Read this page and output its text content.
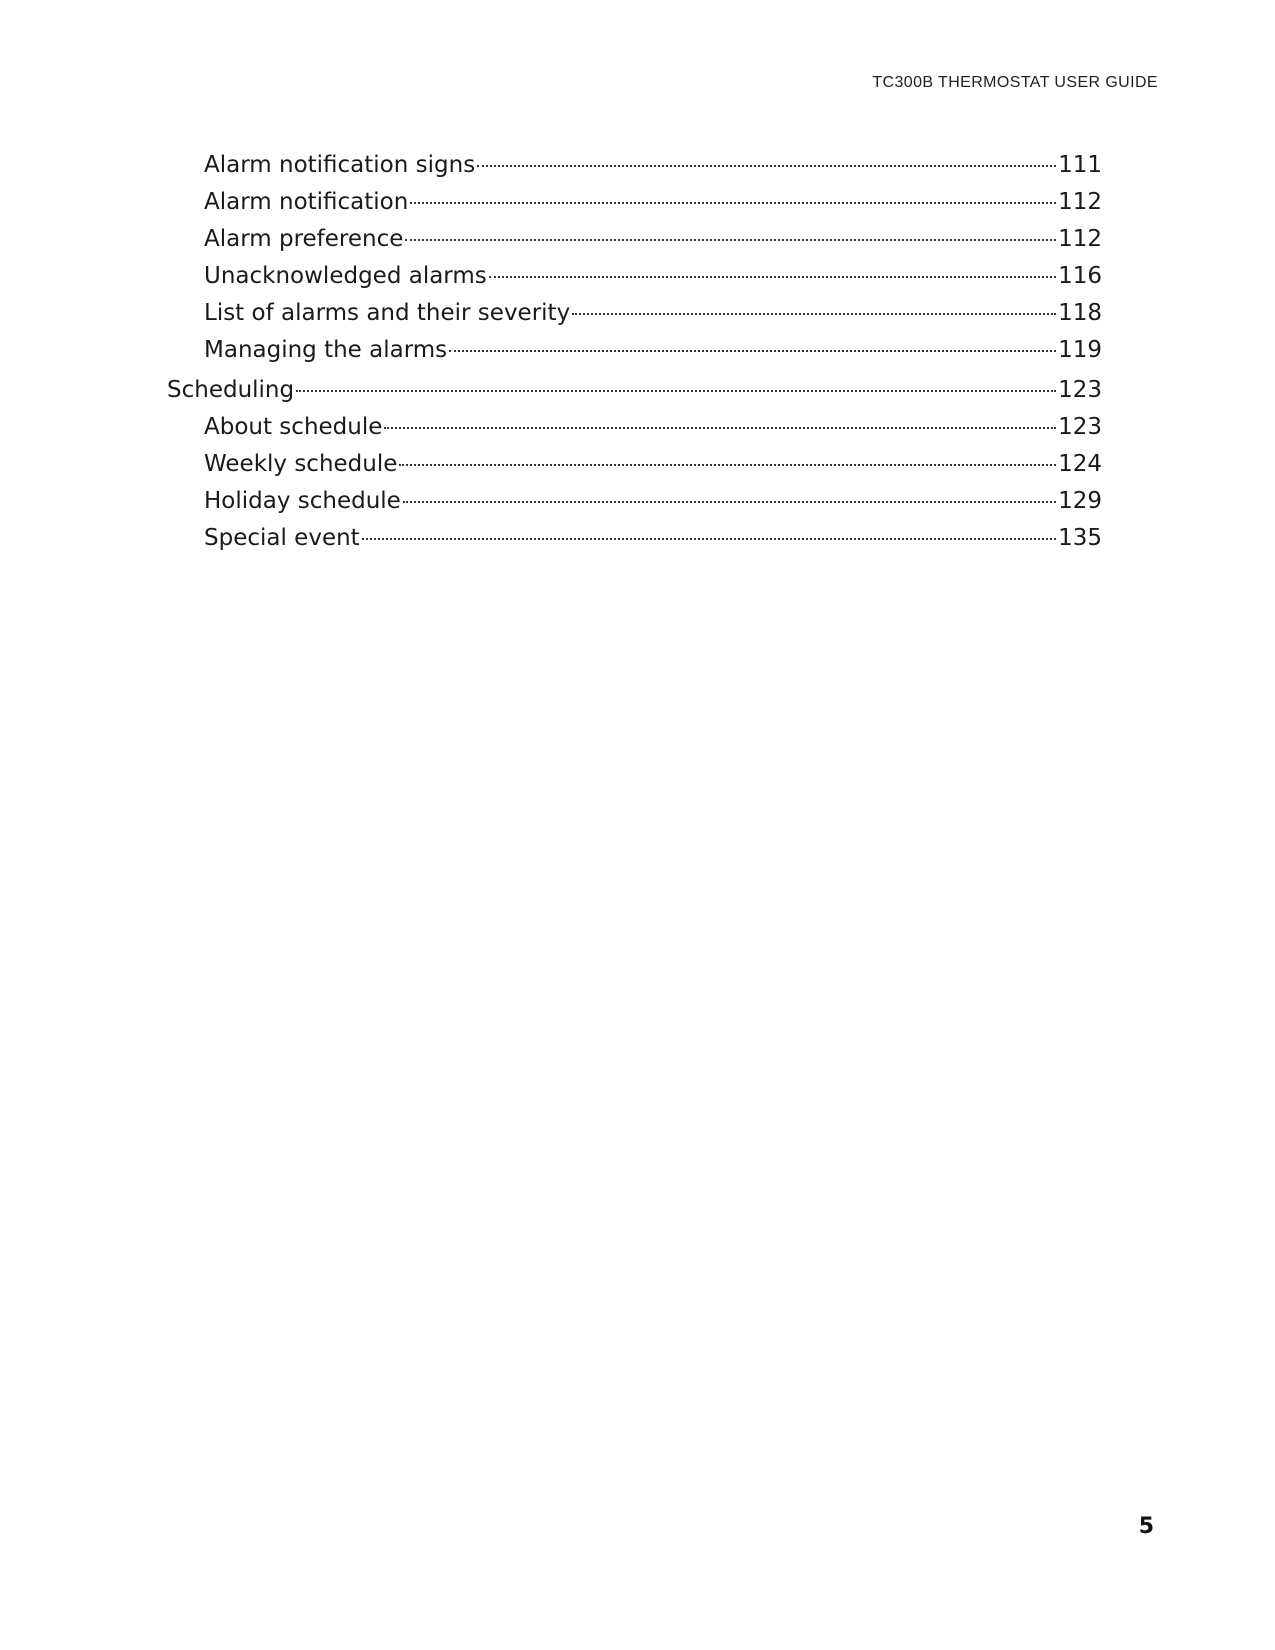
TC300B THERMOSTAT USER GUIDE
Alarm notification signs	111
Alarm notification	112
Alarm preference	112
Unacknowledged alarms	116
List of alarms and their severity	118
Managing the alarms	119
Scheduling	123
About schedule	123
Weekly schedule	124
Holiday schedule	129
Special event	135
5
